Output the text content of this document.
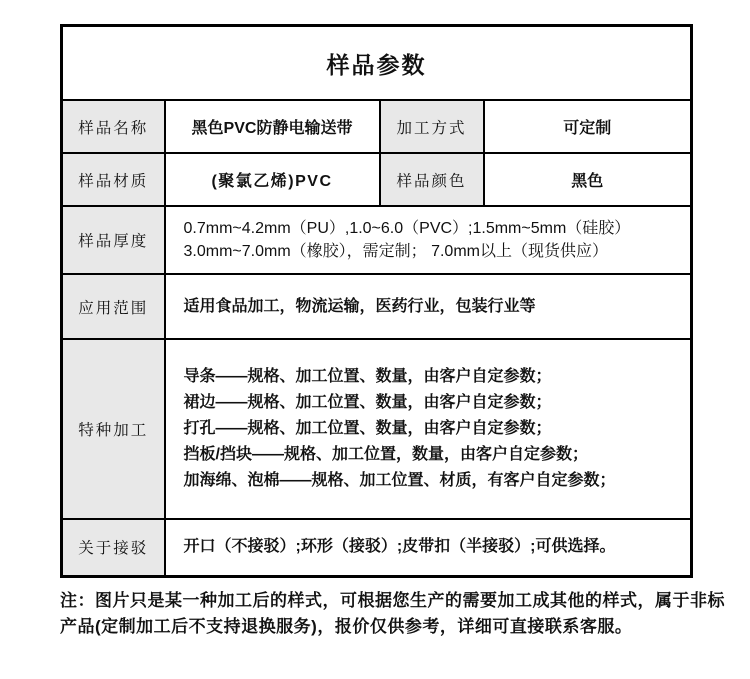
样品参数			
样品名称	黑色PVC防静电输送带	加工方式	可定制
样品材质	(聚氯乙烯)PVC	样品颜色	黑色
样品厚度	0.7mm~4.2mm（PU）,1.0~6.0（PVC）;1.5mm~5mm（硅胶）
3.0mm~7.0mm（橡胶），需定制； 7.0mm以上（现货供应）		

应用范围	适用食品加工，物流运输，医药行业，包装行业等		

特种加工	导条——规格、加工位置、数量，由客户自定参数；
裙边——规格、加工位置、数量，由客户自定参数；
打孔——规格、加工位置、数量，由客户自定参数；
挡板/挡块——规格、加工位置，数量，由客户自定参数；
加海绵、泡棉——规格、加工位置、材质，有客户自定参数；		

关于接驳	开口（不接驳）;环形（接驳）;皮带扣（半接驳）;可供选择。		
注：图片只是某一种加工后的样式，可根据您生产的需要加工成其他的样式，属于非标
产品(定制加工后不支持退换服务)，报价仅供参考，详细可直接联系客服。
